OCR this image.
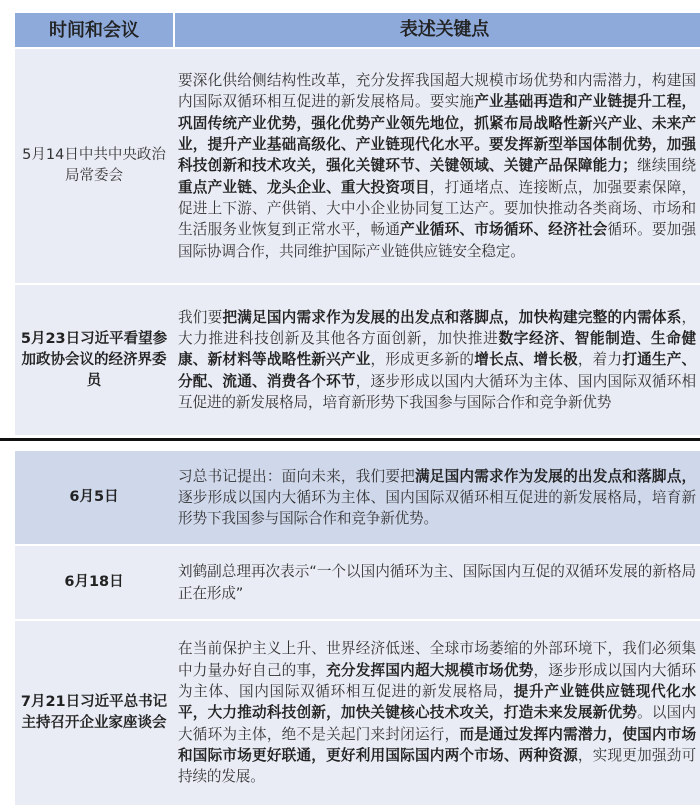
时间和会议	表述关键点
5月14日中共中央政治局常委会

要深化供给侧结构性改革，充分发挥我国超大规模市场优势和内需潜力，构建国内国际双循环相互促进的新发展格局。要实施产业基础再造和产业链提升工程，巩固传统产业优势，强化优势产业领先地位，抓紧布局战略性新兴产业、未来产业，提升产业基础高级化、产业链现代化水平。要发挥新型举国体制优势，加强科技创新和技术攻关，强化关键环节、关键领域、关键产品保障能力；继续围绕重点产业链、龙头企业、重大投资项目，打通堵点、连接断点，加强要素保障，促进上下游、产供销、大中小企业协同复工达产。要加快推动各类商场、市场和生活服务业恢复到正常水平，畅通产业循环、市场循环、经济社会循环。要加强国际协调合作，共同维护国际产业链供应链安全稳定。

5月23日习近平看望参加政协会议的经济界委员

我们要把满足国内需求作为发展的出发点和落脚点，加快构建完整的内需体系，大力推进科技创新及其他各方面创新，加快推进数字经济、智能制造、生命健康、新材料等战略性新兴产业，形成更多新的增长点、增长极，着力打通生产、分配、流通、消费各个环节，逐步形成以国内大循环为主体、国内国际双循环相互促进的新发展格局，培育新形势下我国参与国际合作和竞争新优势

6月5日

习总书记提出：面向未来，我们要把满足国内需求作为发展的出发点和落脚点，逐步形成以国内大循环为主体、国内国际双循环相互促进的新发展格局，培育新形势下我国参与国际合作和竞争新优势。

6月18日

刘鹤副总理再次表示“一个以国内循环为主、国际国内互促的双循环发展的新格局正在形成”

7月21日习近平总书记主持召开企业家座谈会

在当前保护主义上升、世界经济低迷、全球市场萎缩的外部环境下，我们必须集中力量办好自己的事，充分发挥国内超大规模市场优势，逐步形成以国内大循环为主体、国内国际双循环相互促进的新发展格局，提升产业链供应链现代化水平，大力推动科技创新，加快关键核心技术攻关，打造未来发展新优势。以国内大循环为主体，绝不是关起门来封闭运行，而是通过发挥内需潜力，使国内市场和国际市场更好联通，更好利用国际国内两个市场、两种资源，实现更加强劲可持续的发展。
